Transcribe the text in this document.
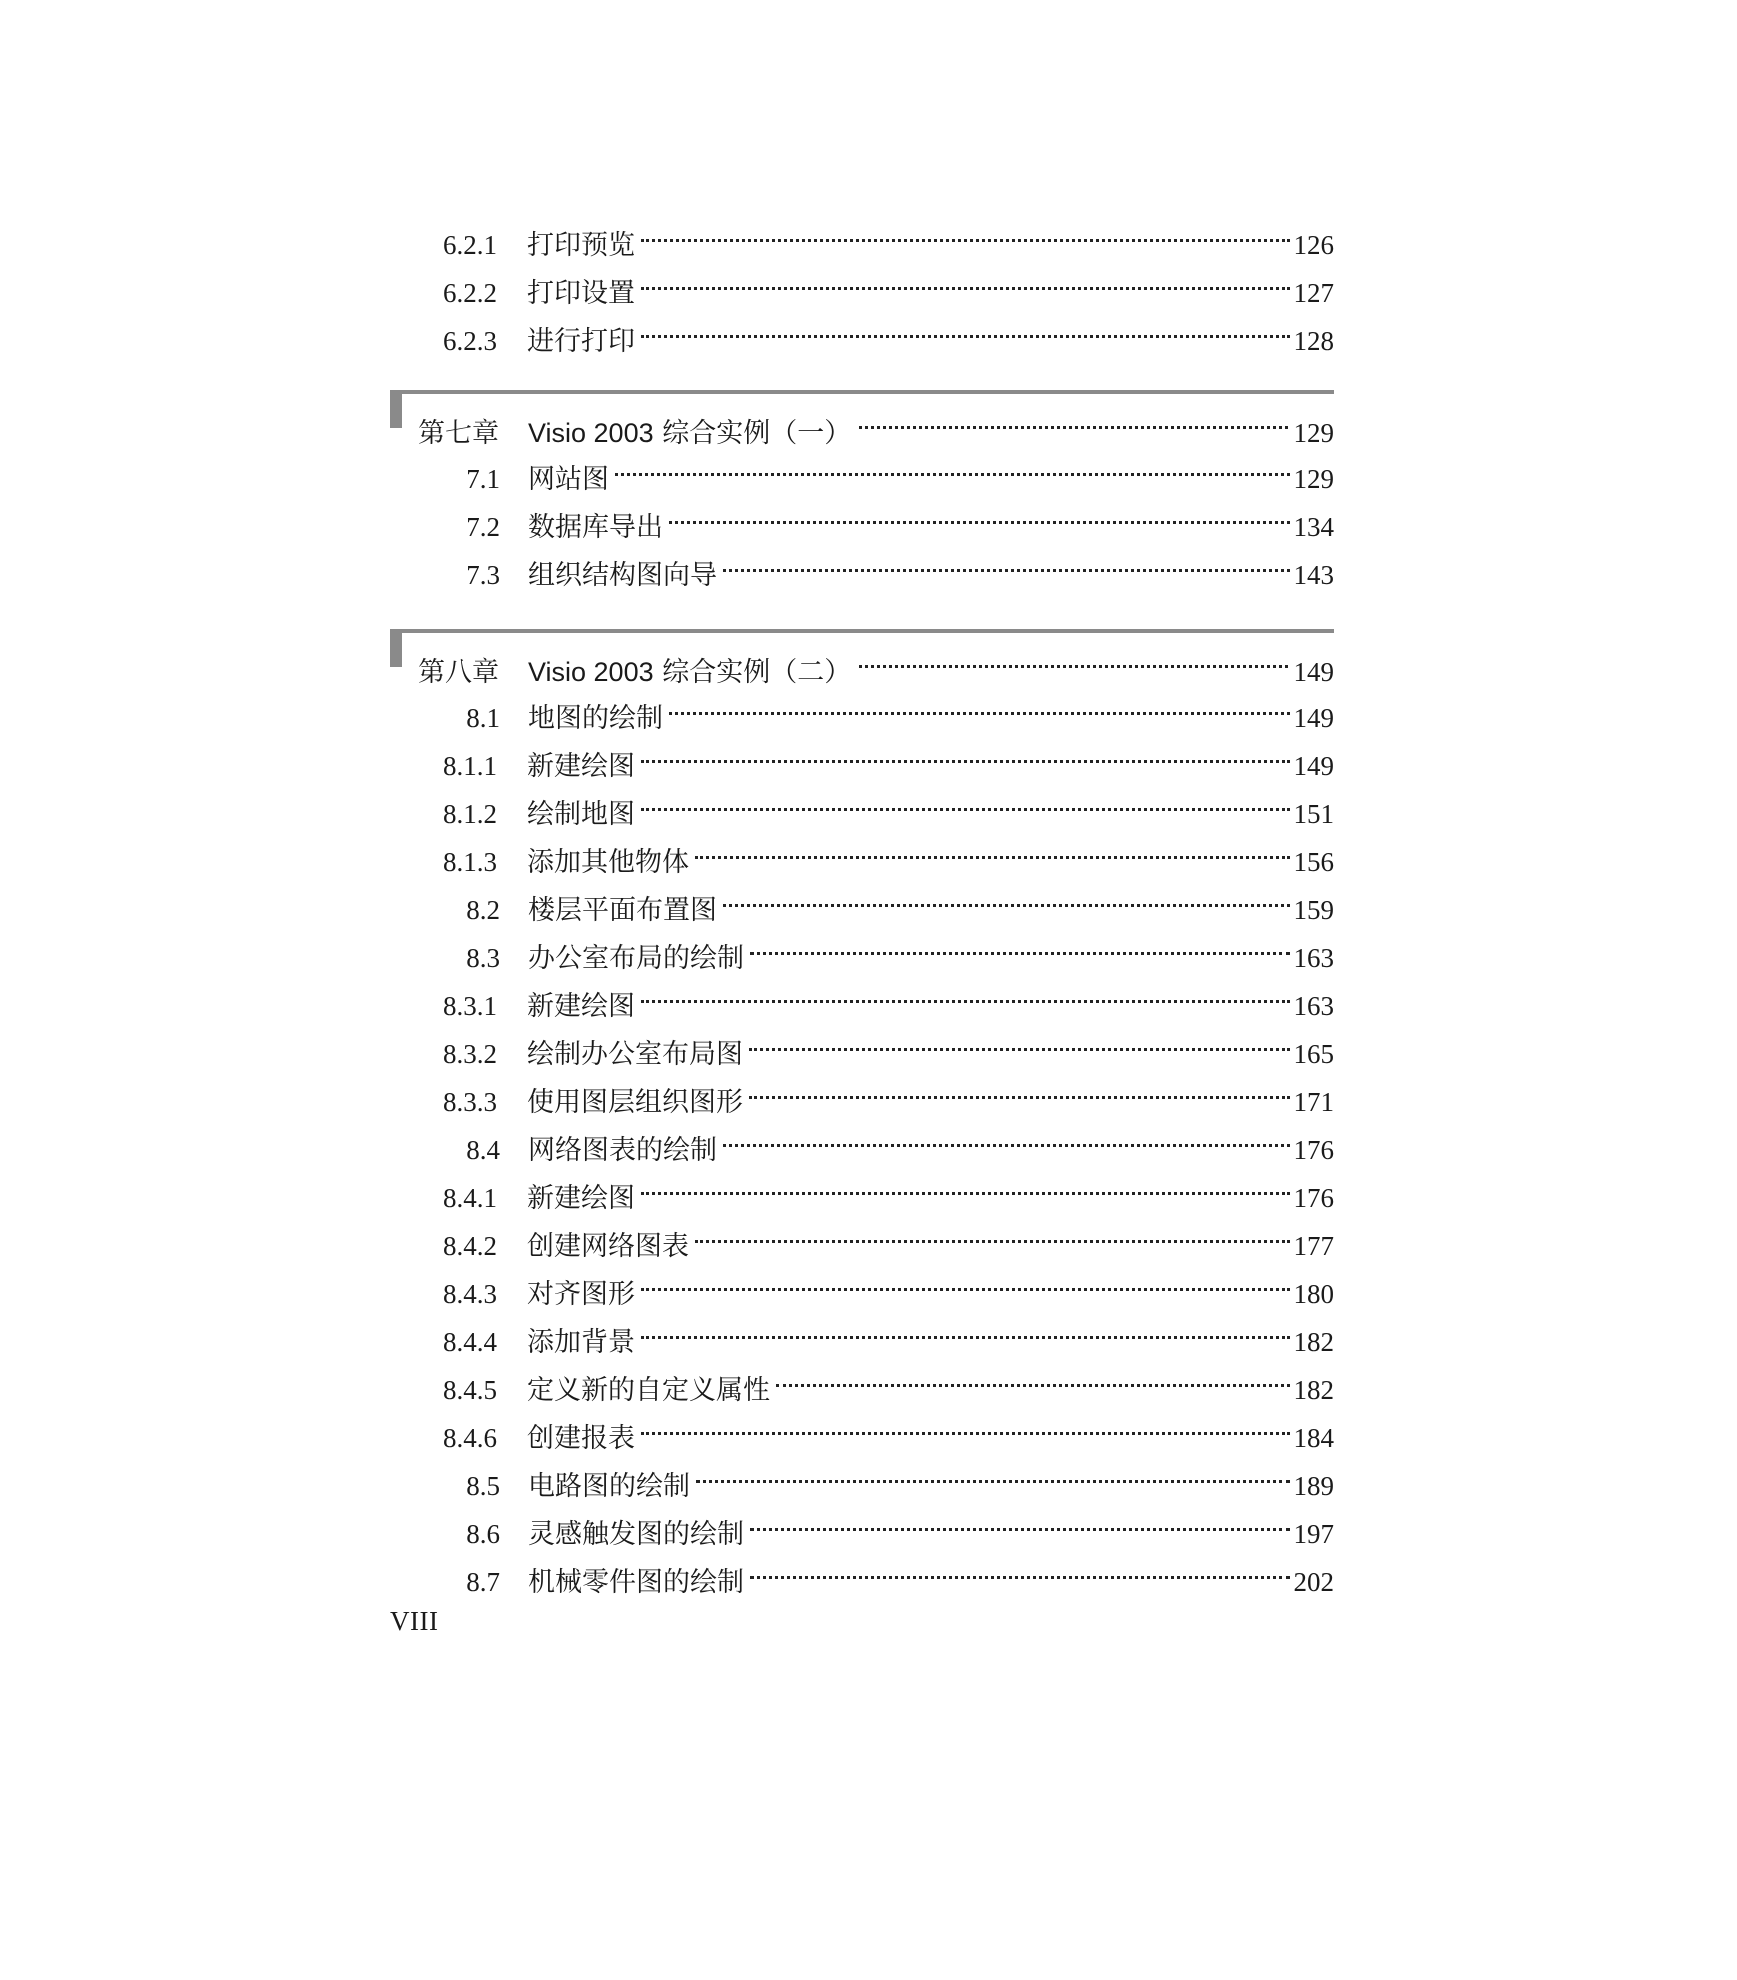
6.2.1 打印预览	126
6.2.2 打印设置	127
6.2.3 进行打印	128
第七章	Visio 2003 综合实例（一）	129
7.1 网站图	129
7.2 数据库导出	134
7.3 组织结构图向导	143
第八章	Visio 2003 综合实例（二）	149
8.1 地图的绘制	149
8.1.1 新建绘图	149
8.1.2 绘制地图	151
8.1.3 添加其他物体	156
8.2 楼层平面布置图	159
8.3 办公室布局的绘制	163
8.3.1 新建绘图	163
8.3.2 绘制办公室布局图	165
8.3.3 使用图层组织图形	171
8.4 网络图表的绘制	176
8.4.1 新建绘图	176
8.4.2 创建网络图表	177
8.4.3 对齐图形	180
8.4.4 添加背景	182
8.4.5 定义新的自定义属性	182
8.4.6 创建报表	184
8.5 电路图的绘制	189
8.6 灵感触发图的绘制	197
8.7 机械零件图的绘制	202
VIII
